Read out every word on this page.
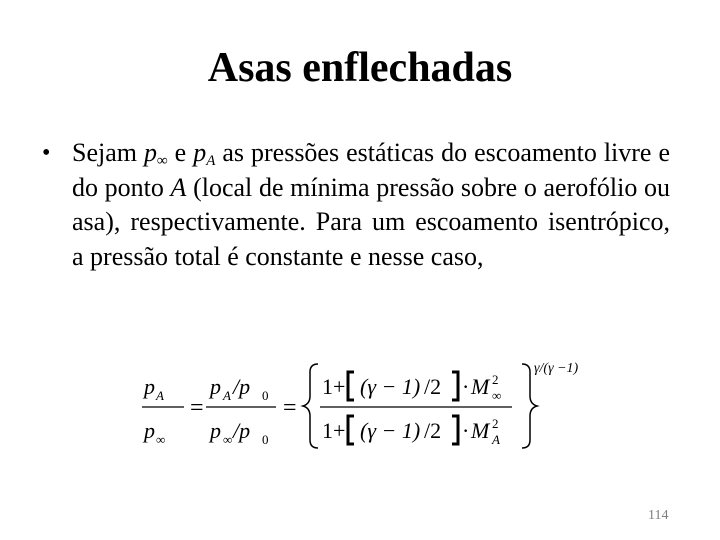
Asas enflechadas
• Sejam $p_\infty$ e $p_A$ as pressões estáticas do escoamento livre e do ponto A (local de mínima pressão sobre o aerofólio ou asa), respectivamente. Para um escoamento isentrópico, a pressão total é constante e nesse caso,
p A
p ∞
=
p A /p 0
p ∞ /p 0
=
1+ (γ − 1) /2 · M 2
∞
1+ (γ − 1) /2 · M 2
A
γ/(γ −1)
114
